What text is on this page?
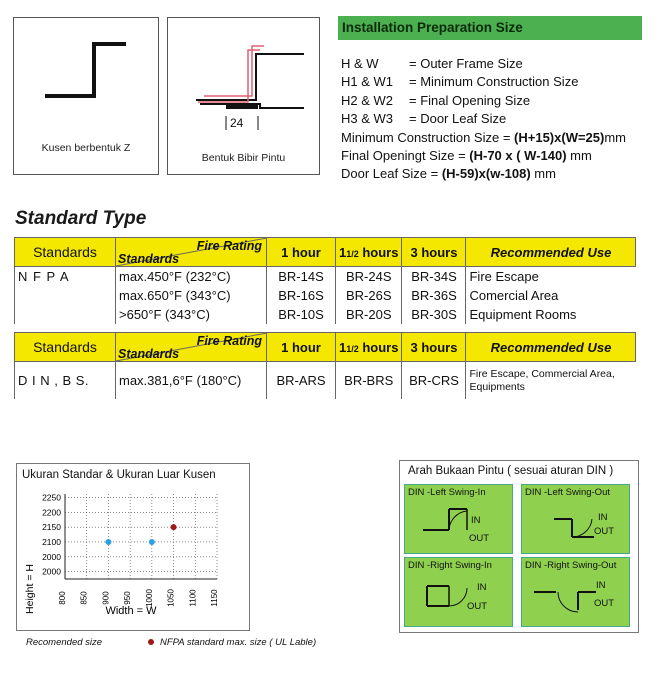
Kusen berbentuk Z
24
Bentuk Bibir Pintu
Installation Preparation Size
H & W = Outer Frame Size
H1 & W1 = Minimum Construction Size
H2 & W2 = Final Opening Size
H3 & W3 = Door Leaf Size
Minimum Construction Size = (H+15)x(W=25)mm
Final Openingt Size = (H-70 x ( W-140) mm
Door Leaf Size = (H-59)x(w-108) mm
Standard Type
Standards	Fire Rating
Standards	1 hour	11/2 hours	3 hours	Recommended Use
N F P A	max.450°F (232°C)	BR-14S	BR-24S	BR-34S	Fire Escape
	max.650°F (343°C)	BR-16S	BR-26S	BR-36S	Comercial Area
	>650°F (343°C)	BR-10S	BR-20S	BR-30S	Equipment Rooms
Standards	Fire Rating
Standards	1 hour	11/2 hours	3 hours	Recommended Use
D I N , B S.	max.381,6°F (180°C)	BR-ARS	BR-BRS	BR-CRS	Fire Escape, Commercial Area,
Equipments
Ukuran Standar & Ukuran Luar Kusen
2000
2000
2100
2150
2200
2250
800 850 900 950 1000 1050 1100 1150
Width = W
Height = H
Recomended size	NFPA standard max. size ( UL Lable)
Arah Bukaan Pintu ( sesuai aturan DIN )
DIN -Left Swing-In
IN
OUT
DIN -Left Swing-Out
IN
OUT
DIN -Right Swing-In
IN
OUT
DIN -Right Swing-Out
IN
OUT
